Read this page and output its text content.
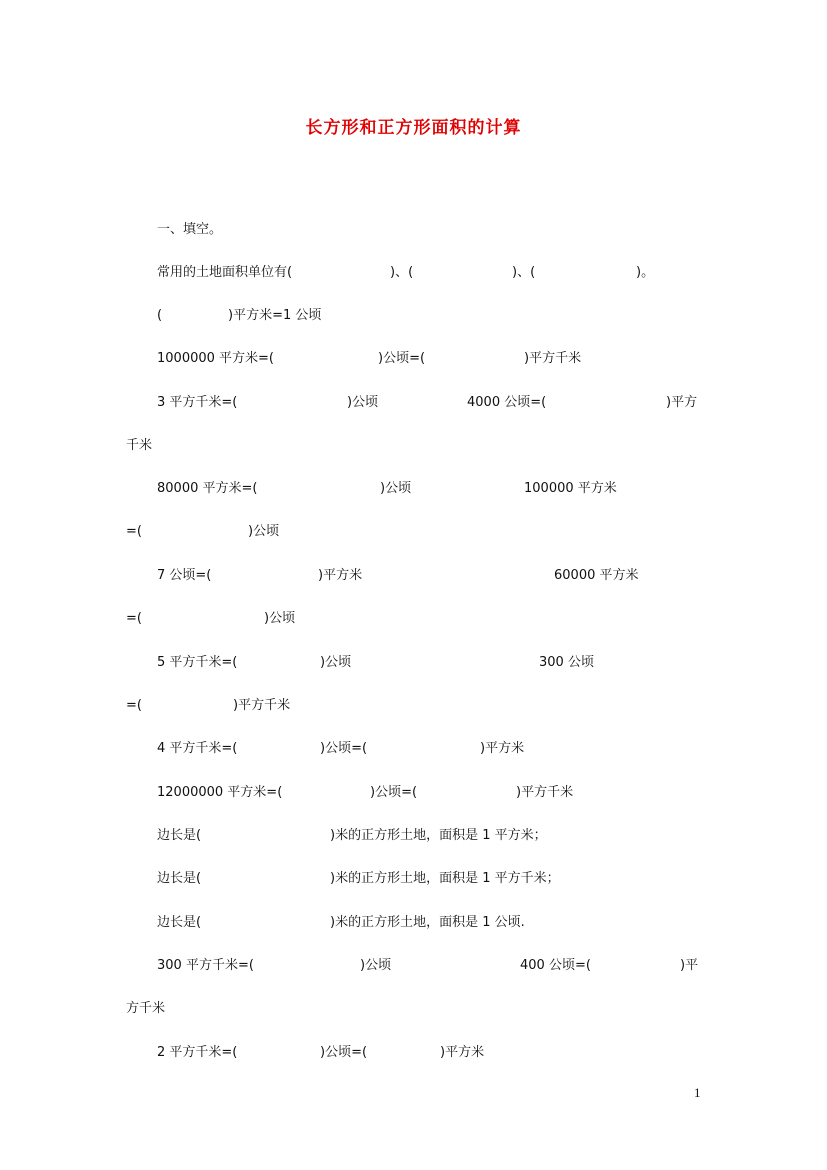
长方形和正方形面积的计算
一、填空。
常用的土地面积单位有(	)、(	)、(	)。
(	)平方米=1 公顷
1000000 平方米=(	)公顷=(	)平方千米
3 平方千米=(	)公顷	4000 公顷=(	)平方
千米
80000 平方米=(	)公顷	100000 平方米
=(	)公顷
7 公顷=(	)平方米	60000 平方米
=(	)公顷
5 平方千米=(	)公顷	300 公顷
=(	)平方千米
4 平方千米=(	)公顷=(	)平方米
12000000 平方米=(	)公顷=(	)平方千米
边长是(	)米的正方形土地，面积是 1 平方米；
边长是(	)米的正方形土地，面积是 1 平方千米；
边长是(	)米的正方形土地，面积是 1 公顷.
300 平方千米=(	)公顷	400 公顷=(	)平
方千米
2 平方千米=(	)公顷=(	)平方米
1
